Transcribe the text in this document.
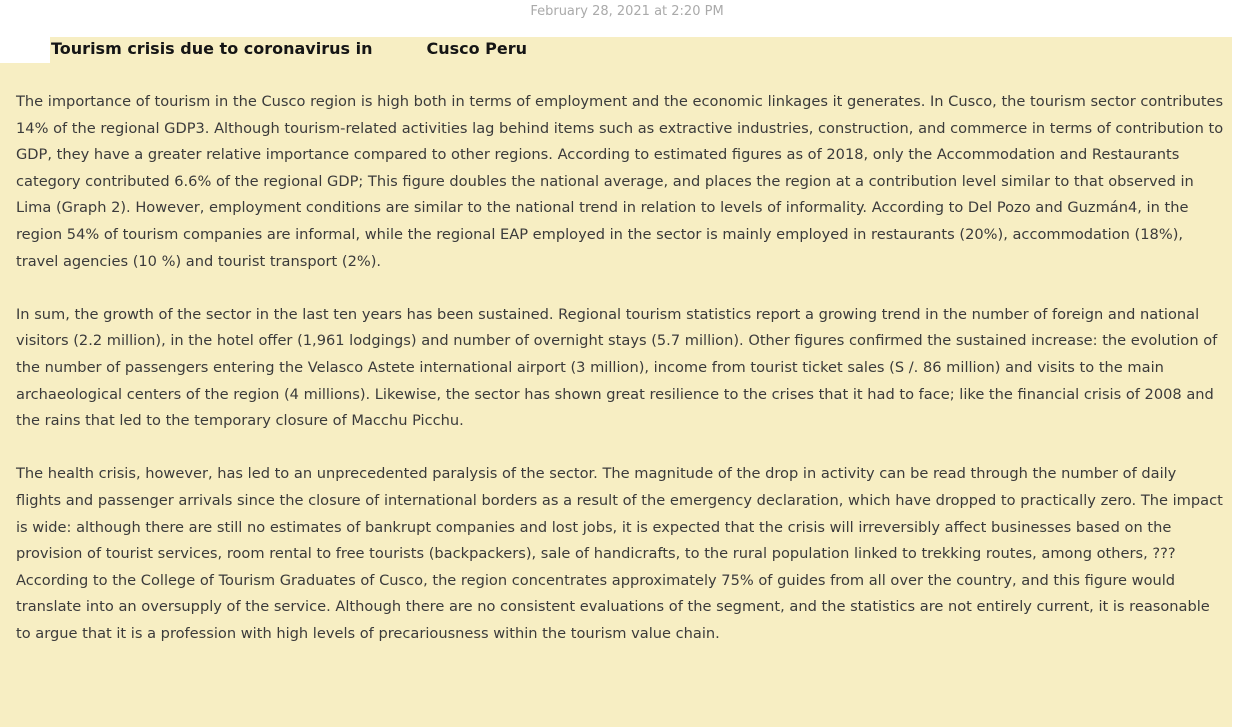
February 28, 2021 at 2:20 PM
Tourism crisis due to coronavirus in	Cusco Peru

The importance of tourism in the Cusco region is high both in terms of employment and the economic linkages it generates. In Cusco, the tourism sector contributes 14% of the regional GDP3. Although tourism-related activities lag behind items such as extractive industries, construction, and commerce in terms of contribution to GDP, they have a greater relative importance compared to other regions. According to estimated figures as of 2018, only the Accommodation and Restaurants category contributed 6.6% of the regional GDP; This figure doubles the national average, and places the region at a contribution level similar to that observed in Lima (Graph 2). However, employment conditions are similar to the national trend in relation to levels of informality. According to Del Pozo and Guzmán4, in the region 54% of tourism companies are informal, while the regional EAP employed in the sector is mainly employed in restaurants (20%), accommodation (18%), travel agencies (10 %) and tourist transport (2%).

In sum, the growth of the sector in the last ten years has been sustained. Regional tourism statistics report a growing trend in the number of foreign and national visitors (2.2 million), in the hotel offer (1,961 lodgings) and number of overnight stays (5.7 million). Other figures confirmed the sustained increase: the evolution of the number of passengers entering the Velasco Astete international airport (3 million), income from tourist ticket sales (S /. 86 million) and visits to the main archaeological centers of the region (4 millions). Likewise, the sector has shown great resilience to the crises that it had to face; like the financial crisis of 2008 and the rains that led to the temporary closure of Macchu Picchu.

The health crisis, however, has led to an unprecedented paralysis of the sector. The magnitude of the drop in activity can be read through the number of daily flights and passenger arrivals since the closure of international borders as a result of the emergency declaration, which have dropped to practically zero. The impact is wide: although there are still no estimates of bankrupt companies and lost jobs, it is expected that the crisis will irreversibly affect businesses based on the provision of tourist services, room rental to free tourists (backpackers), sale of handicrafts, to the rural population linked to trekking routes, among others, ??? According to the College of Tourism Graduates of Cusco, the region concentrates approximately 75% of guides from all over the country, and this figure would translate into an oversupply of the service. Although there are no consistent evaluations of the segment, and the statistics are not entirely current, it is reasonable to argue that it is a profession with high levels of precariousness within the tourism value chain.
